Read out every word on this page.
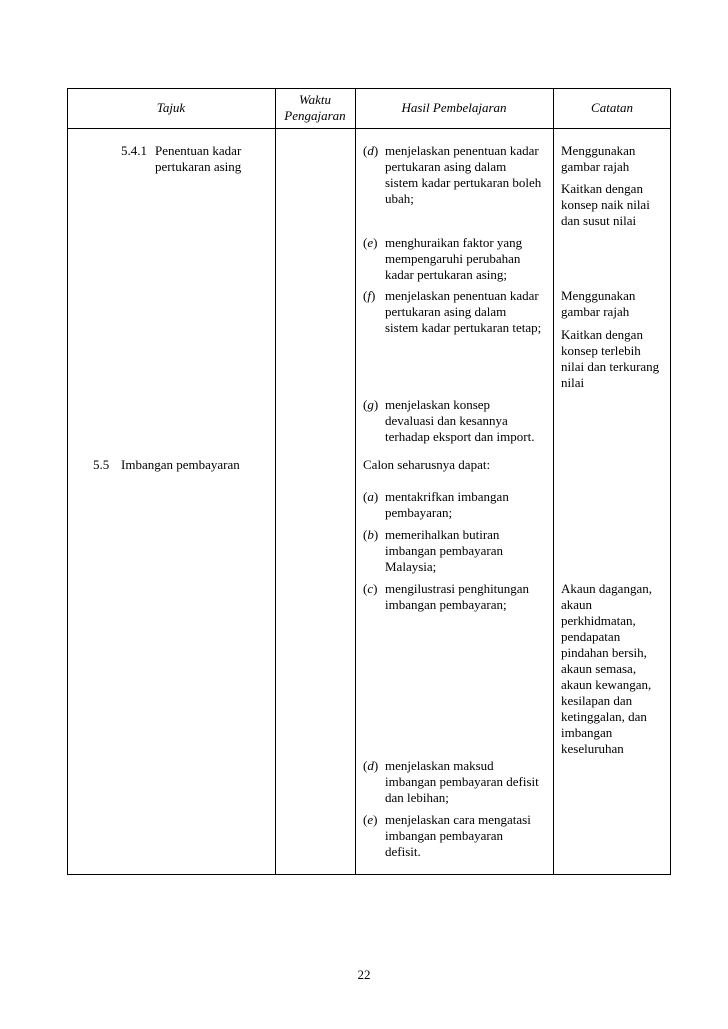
Tajuk
Waktu
Pengajaran
Hasil Pembelajaran	Catatan
5.4.1 Penentuan kadar
pertukaran asing
5.5 Imbangan pembayaran
(d) menjelaskan penentuan kadar
pertukaran asing dalam
sistem kadar pertukaran boleh
ubah;
(e) menghuraikan faktor yang
mempengaruhi perubahan
kadar pertukaran asing;
(f) menjelaskan penentuan kadar
pertukaran asing dalam
sistem kadar pertukaran tetap;
(g) menjelaskan konsep
devaluasi dan kesannya
terhadap eksport dan import.
Calon seharusnya dapat:
(a) mentakrifkan imbangan
pembayaran;
(b) memerihalkan butiran
imbangan pembayaran
Malaysia;
(c) mengilustrasi penghitungan
imbangan pembayaran;
(d) menjelaskan maksud
imbangan pembayaran defisit
dan lebihan;
(e) menjelaskan cara mengatasi
imbangan pembayaran
defisit.
Menggunakan
gambar rajah
Kaitkan dengan
konsep naik nilai
dan susut nilai
Menggunakan
gambar rajah
Kaitkan dengan
konsep terlebih
nilai dan terkurang
nilai
Akaun dagangan,
akaun
perkhidmatan,
pendapatan
pindahan bersih,
akaun semasa,
akaun kewangan,
kesilapan dan
ketinggalan, dan
imbangan
keseluruhan
22
